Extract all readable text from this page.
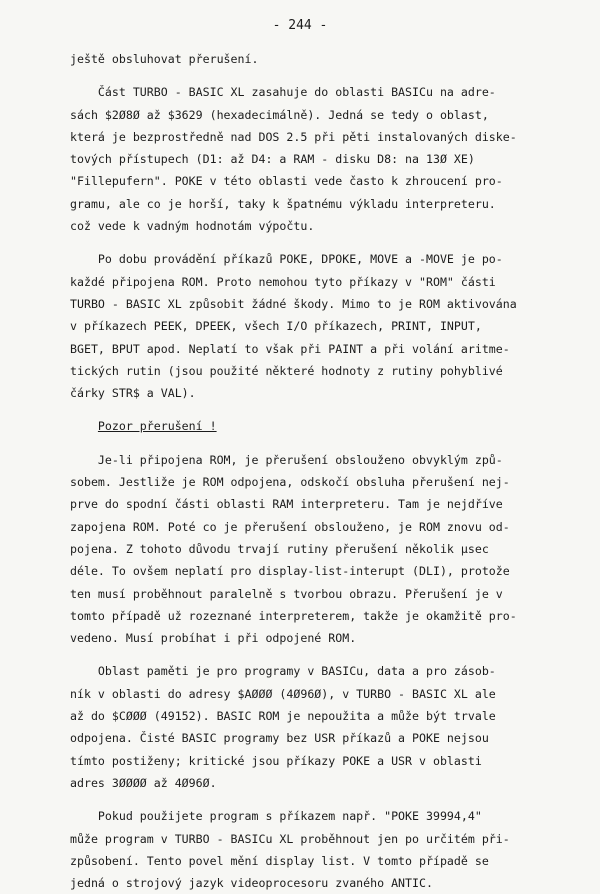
- 244 -
ještě obsluhovat přerušení.
Část TURBO - BASIC XL zasahuje do oblasti BASICu na adre-
sách $2Ø8Ø až $3629 (hexadecimálně). Jedná se tedy o oblast,
která je bezprostředně nad DOS 2.5 při pěti instalovaných diske-
tových přístupech (D1: až D4: a RAM - disku D8: na 13Ø XE)
"Fillepufern". POKE v této oblasti vede často k zhroucení pro-
gramu, ale co je horší, taky k špatnému výkladu interpreteru.
což vede k vadným hodnotám výpočtu.
Po dobu provádění příkazů POKE, DPOKE, MOVE a -MOVE je po-
každé připojena ROM. Proto nemohou tyto příkazy v "ROM" části
TURBO - BASIC XL způsobit žádné škody. Mimo to je ROM aktivována
v příkazech PEEK, DPEEK, všech I/O příkazech, PRINT, INPUT,
BGET, BPUT apod. Neplatí to však při PAINT a při volání aritme-
tických rutin (jsou použité některé hodnoty z rutiny pohyblivé
čárky STR$ a VAL).
Pozor přerušení !
Je-li připojena ROM, je přerušení obslouženo obvyklým způ-
sobem. Jestliže je ROM odpojena, odskočí obsluha přerušení nej-
prve do spodní části oblasti RAM interpreteru. Tam je nejdříve
zapojena ROM. Poté co je přerušení obslouženo, je ROM znovu od-
pojena. Z tohoto důvodu trvají rutiny přerušení několik µsec
déle. To ovšem neplatí pro display-list-interupt (DLI), protože
ten musí proběhnout paralelně s tvorbou obrazu. Přerušení je v
tomto případě už rozeznané interpreterem, takže je okamžitě pro-
vedeno. Musí probíhat i při odpojené ROM.
Oblast paměti je pro programy v BASICu, data a pro zásob-
ník v oblasti do adresy $AØØØ (4Ø96Ø), v TURBO - BASIC XL ale
až do $CØØØ (49152). BASIC ROM je nepoužita a může být trvale
odpojena. Čisté BASIC programy bez USR příkazů a POKE nejsou
tímto postiženy; kritické jsou příkazy POKE a USR v oblasti
adres 3ØØØØ až 4Ø96Ø.
Pokud použijete program s příkazem např. "POKE 39994,4"
může program v TURBO - BASICu XL proběhnout jen po určitém při-
způsobení. Tento povel mění display list. V tomto případě se
jedná o strojový jazyk videoprocesoru zvaného ANTIC.
